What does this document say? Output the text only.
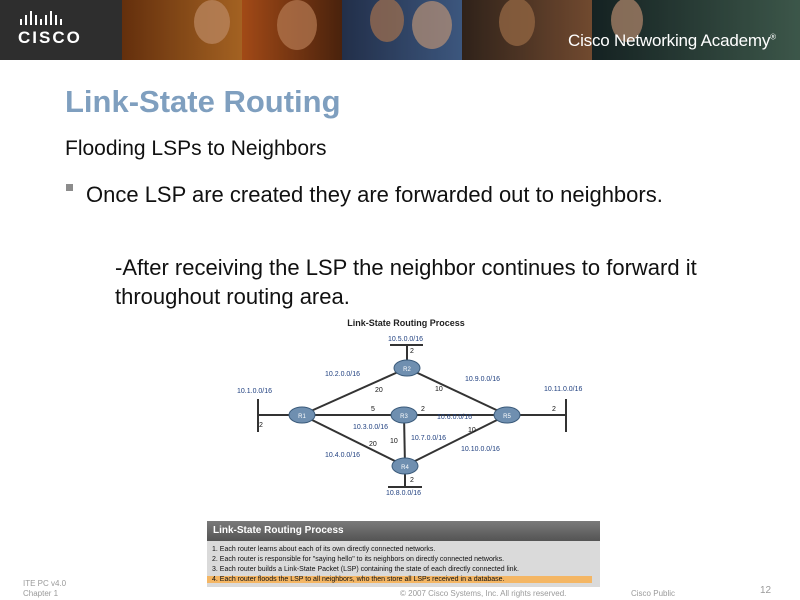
CISCO	Cisco Networking Academy®
Link-State Routing
Flooding LSPs to Neighbors
Once LSP are created they are forwarded out to neighbors.
-After receiving the LSP the neighbor continues to forward it throughout routing area.
Link-State Routing Process
R1
R2
R3
R4
R5
10.1.0.0/16
10.2.0.0/16
10.3.0.0/16
10.4.0.0/16
10.5.0.0/16
10.6.0.0/16
10.7.0.0/16
10.8.0.0/16
10.9.0.0/16
10.10.0.0/16
10.11.0.0/16
2
2
2
2
2
20
5
20
10
10
10
Link-State Routing Process
1. Each router learns about each of its own directly connected networks.
2. Each router is responsible for "saying hello" to its neighbors on directly connected networks.
3. Each router builds a Link-State Packet (LSP) containing the state of each directly connected link.
4. Each router floods the LSP to all neighbors, who then store all LSPs received in a database.
ITE PC v4.0
Chapter 1	© 2007 Cisco Systems, Inc. All rights reserved.	Cisco Public	12
